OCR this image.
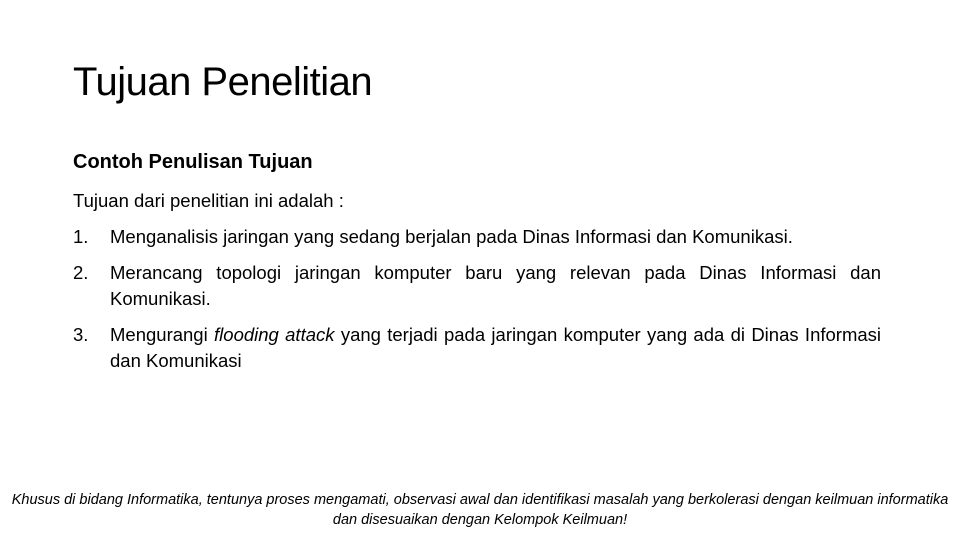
Tujuan Penelitian
Contoh Penulisan Tujuan
Tujuan dari penelitian ini adalah :
1. Menganalisis jaringan yang sedang berjalan pada Dinas Informasi dan Komunikasi.
2. Merancang topologi jaringan komputer baru yang relevan pada Dinas Informasi dan Komunikasi.
3. Mengurangi flooding attack yang terjadi pada jaringan komputer yang ada di Dinas Informasi dan Komunikasi
Khusus di bidang Informatika, tentunya proses mengamati, observasi awal dan identifikasi masalah yang berkolerasi dengan keilmuan informatika dan disesuaikan dengan Kelompok Keilmuan!
